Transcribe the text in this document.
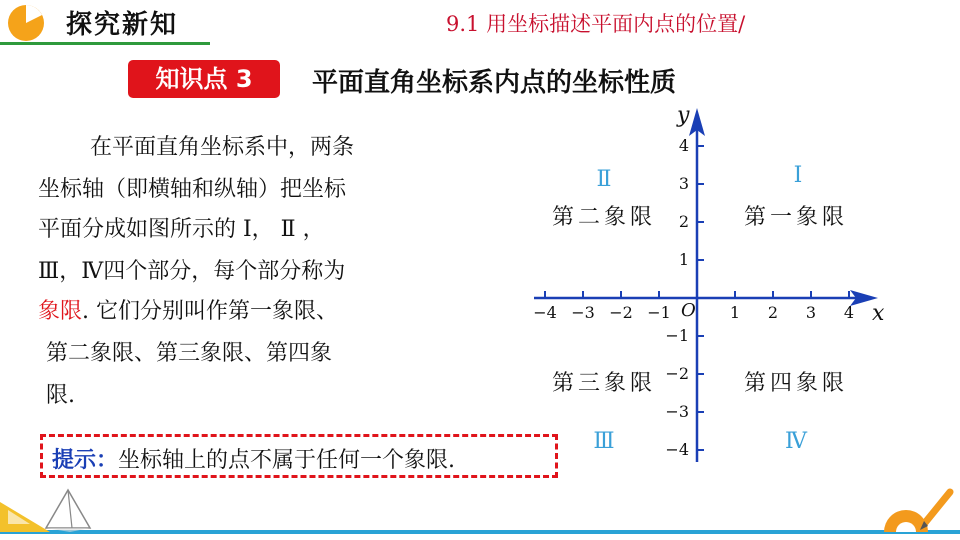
探究新知	9.1 用坐标描述平面内点的位置/
知识点 3	平面直角坐标系内点的坐标性质
在平面直角坐标系中，两条
坐标轴（即横轴和纵轴）把坐标
平面分成如图所示的 Ⅰ， Ⅱ ，
Ⅲ，Ⅳ四个部分，每个部分称为
象限. 它们分别叫作第一象限、
第二象限、第三象限、第四象
限.
提示：坐标轴上的点不属于任何一个象限.
−4 −3 −2 −1	1 2 3 4
4
3
2
1
−1
−2
−3
−4
x
y
O
Ⅰ
第一象限
Ⅱ
第二象限
Ⅲ
第三象限
Ⅳ
第四象限
